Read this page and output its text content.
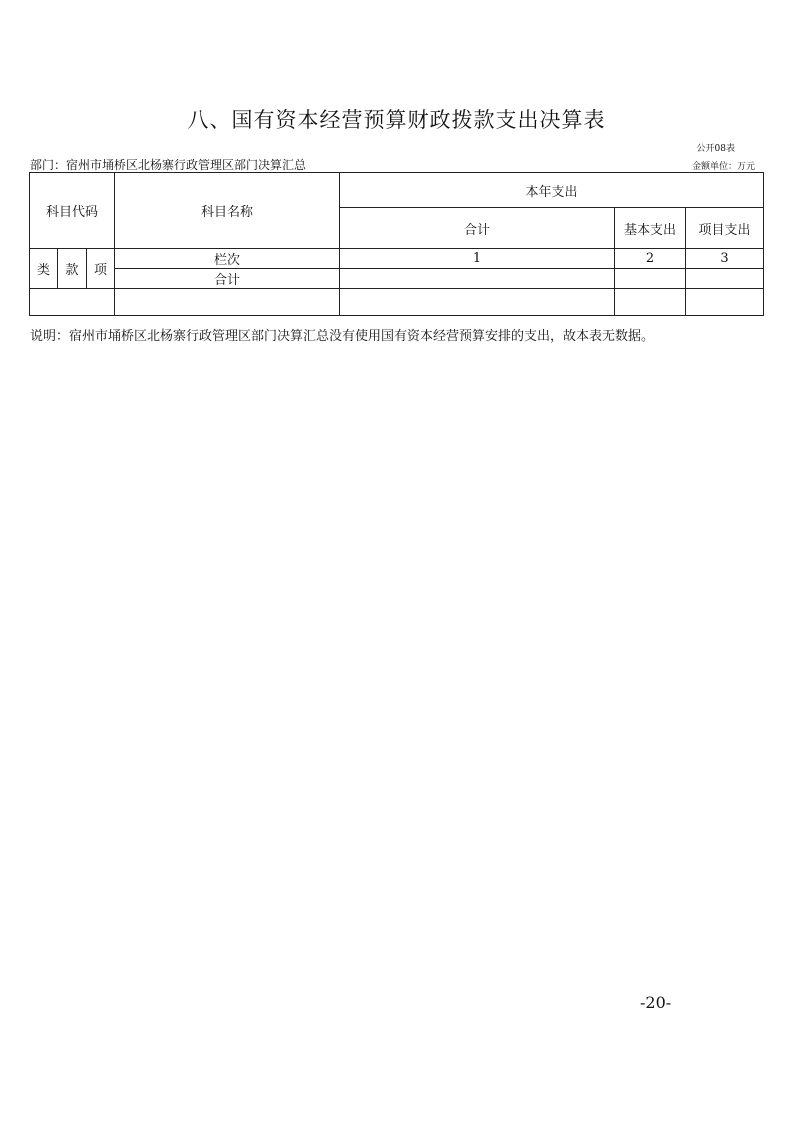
八、国有资本经营预算财政拨款支出决算表
公开08表
金额单位：万元
部门：宿州市埇桥区北杨寨行政管理区部门决算汇总
科目代码			科目名称	本年支出		
				合计	基本支出	项目支出
类	款	项	栏次	1	2	3
			合计			

说明：宿州市埇桥区北杨寨行政管理区部门决算汇总没有使用国有资本经营预算安排的支出，故本表无数据。
-20-
